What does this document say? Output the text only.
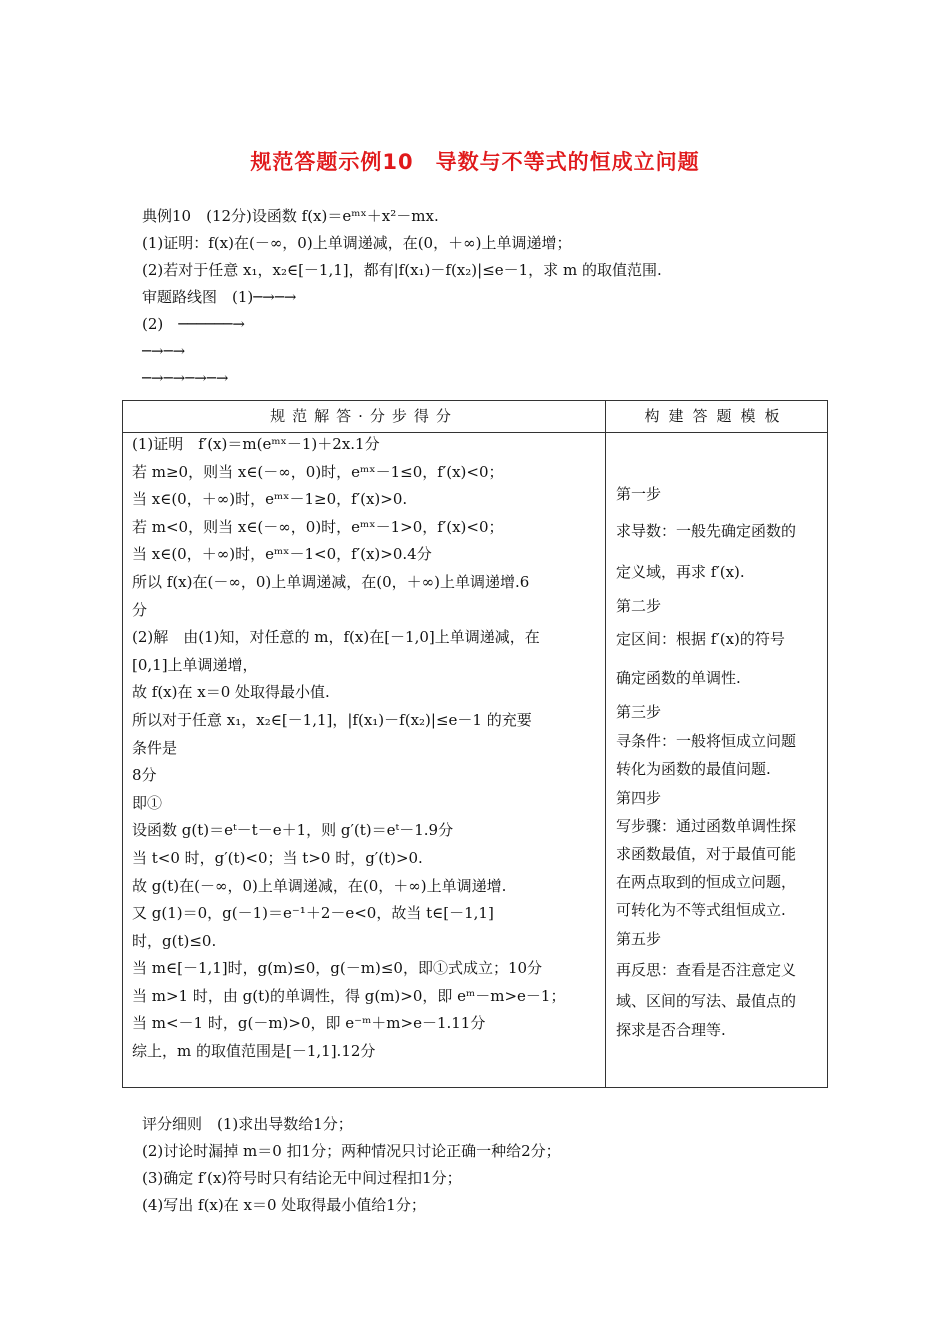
规范答题示例10　导数与不等式的恒成立问题
典例10　(12分)设函数 f(x)＝eᵐˣ＋x²－mx.
(1)证明：f(x)在(－∞，0)上单调递减，在(0，＋∞)上单调递增；
(2)若对于任意 x₁，x₂∈[－1,1]，都有|f(x₁)－f(x₂)|≤e－1，求 m 的取值范围.
审题路线图　(1)─→─→
(2)　──────→
─→─→
─→─→─→─→
规范解答·分步得分	构建答题模板
(1)证明　f′(x)＝m(eᵐˣ－1)＋2x.1分
若 m≥0，则当 x∈(－∞，0)时，eᵐˣ－1≤0，f′(x)<0；
当 x∈(0，＋∞)时，eᵐˣ－1≥0，f′(x)>0.
若 m<0，则当 x∈(－∞，0)时，eᵐˣ－1>0，f′(x)<0；
当 x∈(0，＋∞)时，eᵐˣ－1<0，f′(x)>0.4分
所以 f(x)在(－∞，0)上单调递减，在(0，＋∞)上单调递增.6
分
(2)解　由(1)知，对任意的 m，f(x)在[－1,0]上单调递减，在
[0,1]上单调递增，
故 f(x)在 x＝0 处取得最小值.
所以对于任意 x₁，x₂∈[－1,1]，|f(x₁)－f(x₂)|≤e－1 的充要
条件是
8分
即①
设函数 g(t)＝eᵗ－t－e＋1，则 g′(t)＝eᵗ－1.9分
当 t<0 时，g′(t)<0；当 t>0 时，g′(t)>0.
故 g(t)在(－∞，0)上单调递减，在(0，＋∞)上单调递增.
又 g(1)＝0，g(－1)＝e⁻¹＋2－e<0，故当 t∈[－1,1]
时，g(t)≤0.
当 m∈[－1,1]时，g(m)≤0，g(－m)≤0，即①式成立；10分
当 m>1 时，由 g(t)的单调性，得 g(m)>0，即 eᵐ－m>e－1；
当 m<－1 时，g(－m)>0，即 e⁻ᵐ＋m>e－1.11分
综上，m 的取值范围是[－1,1].12分
第一步
求导数：一般先确定函数的
定义域，再求 f′(x).
第二步
定区间：根据 f′(x)的符号
确定函数的单调性.
第三步
寻条件：一般将恒成立问题
转化为函数的最值问题.
第四步
写步骤：通过函数单调性探
求函数最值，对于最值可能
在两点取到的恒成立问题，
可转化为不等式组恒成立.
第五步
再反思：查看是否注意定义
域、区间的写法、最值点的
探求是否合理等.
评分细则　(1)求出导数给1分；
(2)讨论时漏掉 m＝0 扣1分；两种情况只讨论正确一种给2分；
(3)确定 f′(x)符号时只有结论无中间过程扣1分；
(4)写出 f(x)在 x＝0 处取得最小值给1分；
